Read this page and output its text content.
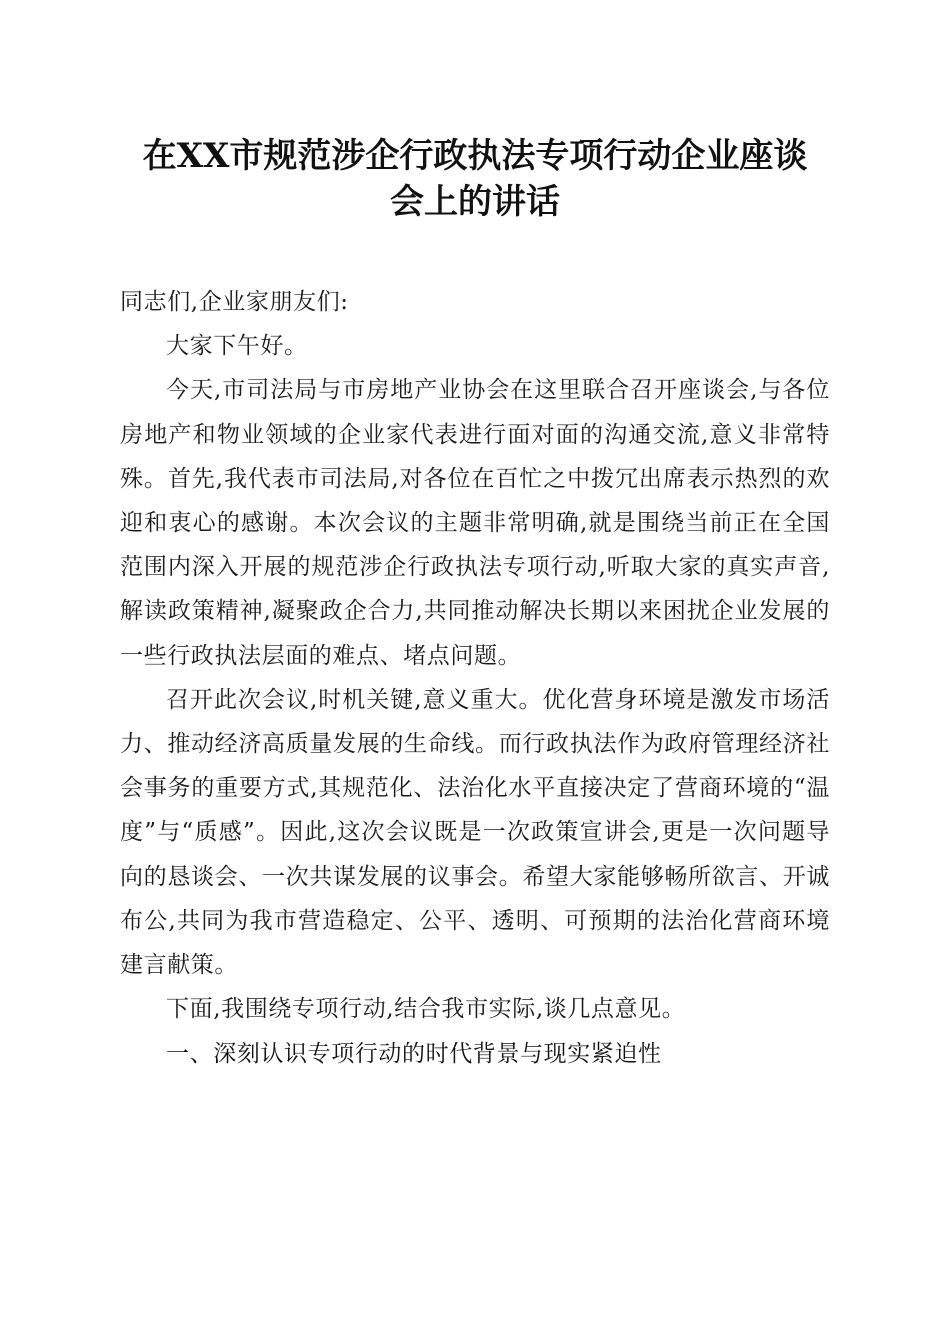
在XX市规范涉企行政执法专项行动企业座谈
会上的讲话

同志们,企业家朋友们:

大家下午好。

今天,市司法局与市房地产业协会在这里联合召开座谈会,与各位房地产和物业领域的企业家代表进行面对面的沟通交流,意义非常特殊。首先,我代表市司法局,对各位在百忙之中拨冗出席表示热烈的欢迎和衷心的感谢。本次会议的主题非常明确,就是围绕当前正在全国范围内深入开展的规范涉企行政执法专项行动,听取大家的真实声音,解读政策精神,凝聚政企合力,共同推动解决长期以来困扰企业发展的一些行政执法层面的难点、堵点问题。

召开此次会议,时机关键,意义重大。优化营身环境是激发市场活力、推动经济高质量发展的生命线。而行政执法作为政府管理经济社会事务的重要方式,其规范化、法治化水平直接决定了营商环境的“温度”与“质感”。因此,这次会议既是一次政策宣讲会,更是一次问题导向的恳谈会、一次共谋发展的议事会。希望大家能够畅所欲言、开诚布公,共同为我市营造稳定、公平、透明、可预期的法治化营商环境建言献策。

下面,我围绕专项行动,结合我市实际,谈几点意见。

一、深刻认识专项行动的时代背景与现实紧迫性
